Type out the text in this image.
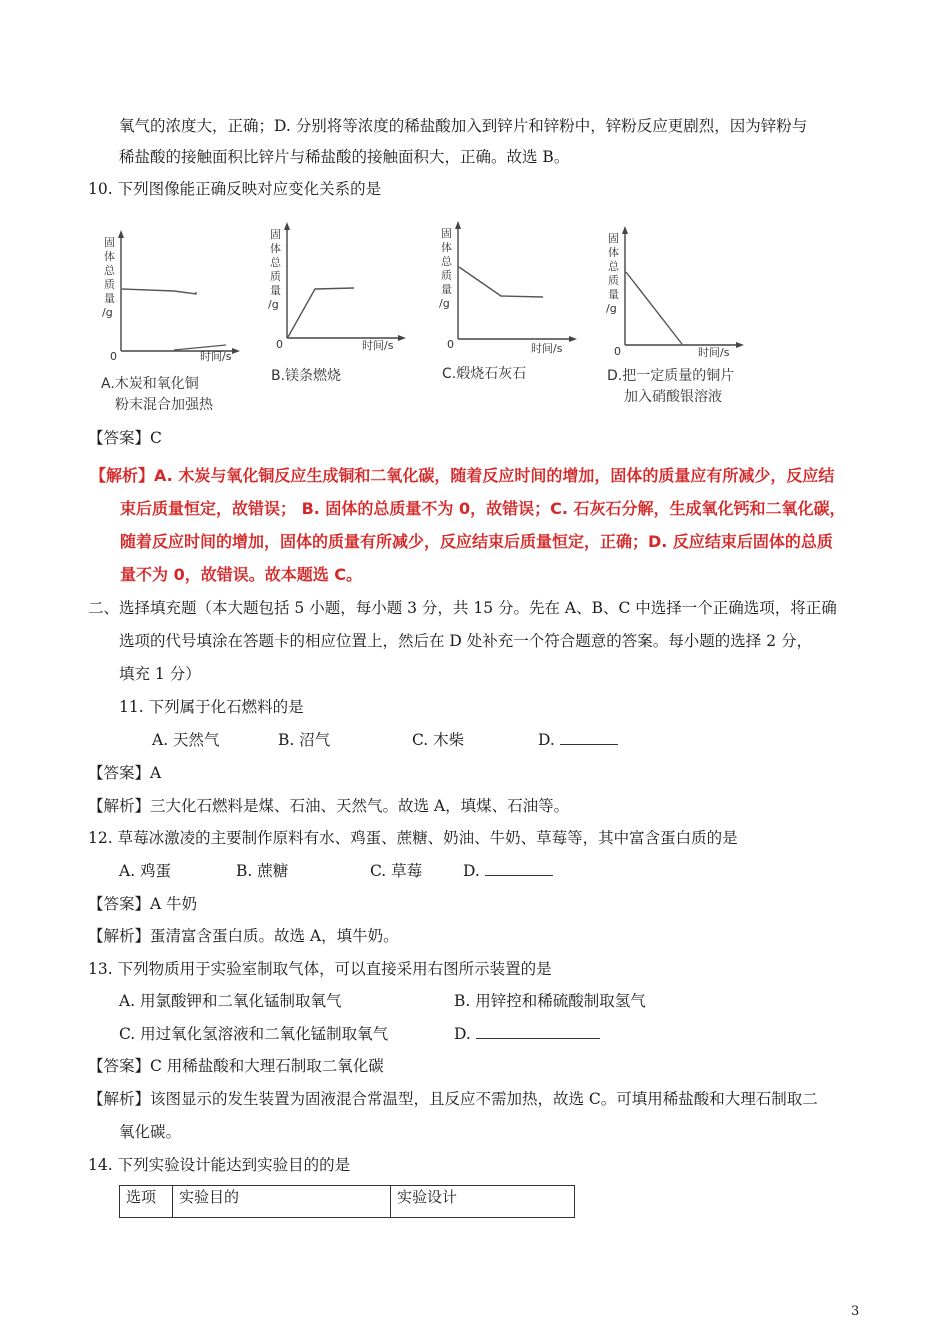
氧气的浓度大，正确；D. 分别将等浓度的稀盐酸加入到锌片和锌粉中，锌粉反应更剧烈，因为锌粉与
稀盐酸的接触面积比锌片与稀盐酸的接触面积大，正确。故选 B。
10. 下列图像能正确反映对应变化关系的是
固
体
总
质
量
/g
0	时间/s
A.木炭和氧化铜
粉末混合加强热
固
体
总
质
量
/g
0	时间/s
B.镁条燃烧
固
体
总
质
量
/g
0	时间/s
C.煅烧石灰石
固
体
总
质
量
/g
0	时间/s
D.把一定质量的铜片
加入硝酸银溶液
【答案】C
【解析】A. 木炭与氧化铜反应生成铜和二氧化碳，随着反应时间的增加，固体的质量应有所减少，反应结
束后质量恒定，故错误； B. 固体的总质量不为 0，故错误；C. 石灰石分解，生成氧化钙和二氧化碳，
随着反应时间的增加，固体的质量有所减少，反应结束后质量恒定，正确；D. 反应结束后固体的总质
量不为 0，故错误。故本题选 C。
二、选择填充题（本大题包括 5 小题，每小题 3 分，共 15 分。先在 A、B、C 中选择一个正确选项，将正确
选项的代号填涂在答题卡的相应位置上，然后在 D 处补充一个符合题意的答案。每小题的选择 2 分，
填充 1 分）
11. 下列属于化石燃料的是
A. 天然气	B. 沼气	C. 木柴	D.
【答案】A
【解析】三大化石燃料是煤、石油、天然气。故选 A，填煤、石油等。
12. 草莓冰激凌的主要制作原料有水、鸡蛋、蔗糖、奶油、牛奶、草莓等，其中富含蛋白质的是
A. 鸡蛋	B. 蔗糖	C. 草莓	D.
【答案】A 牛奶
【解析】蛋清富含蛋白质。故选 A，填牛奶。
13. 下列物质用于实验室制取气体，可以直接采用右图所示装置的是
A. 用氯酸钾和二氧化锰制取氧气	B. 用锌控和稀硫酸制取氢气
C. 用过氧化氢溶液和二氧化锰制取氧气	D.
【答案】C 用稀盐酸和大理石制取二氧化碳
【解析】该图显示的发生装置为固液混合常温型，且反应不需加热，故选 C。可填用稀盐酸和大理石制取二
氧化碳。
14. 下列实验设计能达到实验目的的是
选项	实验目的	实验设计
3
